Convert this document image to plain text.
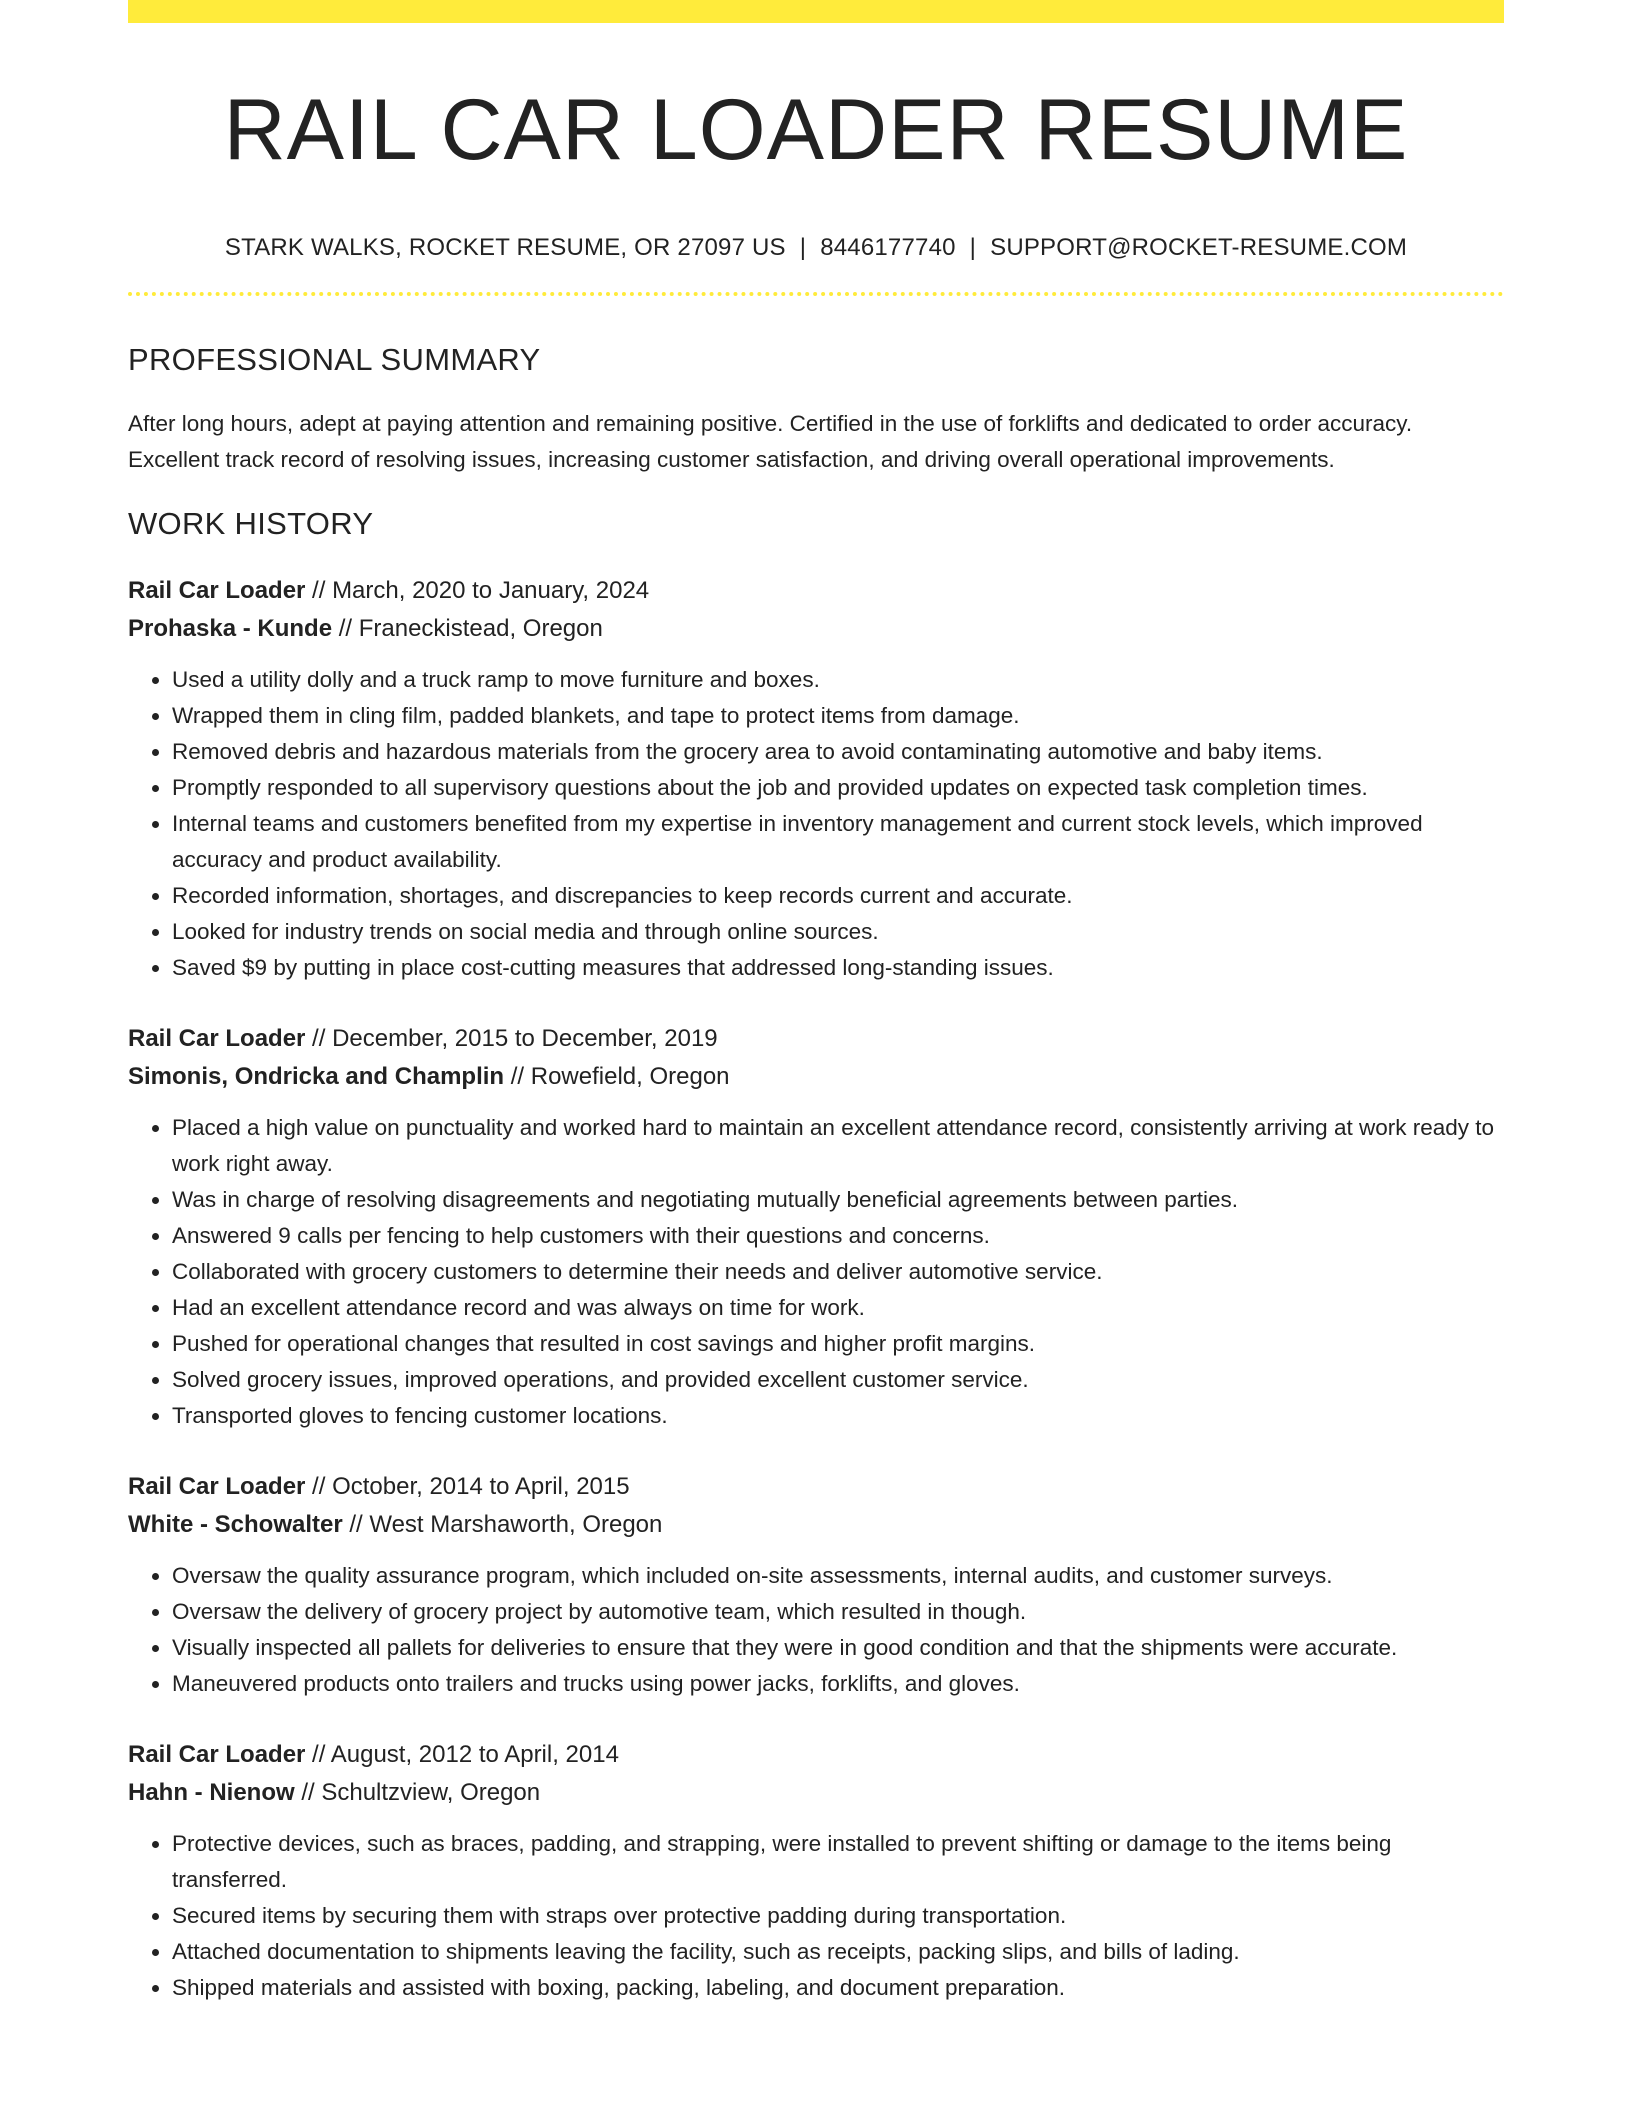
RAIL CAR LOADER RESUME
STARK WALKS, ROCKET RESUME, OR 27097 US | 8446177740 | SUPPORT@ROCKET-RESUME.COM
PROFESSIONAL SUMMARY

After long hours, adept at paying attention and remaining positive. Certified in the use of forklifts and dedicated to order accuracy. Excellent track record of resolving issues, increasing customer satisfaction, and driving overall operational improvements.

WORK HISTORY
Rail Car Loader // March, 2020 to January, 2024
Prohaska - Kunde // Franeckistead, Oregon
• Used a utility dolly and a truck ramp to move furniture and boxes.
• Wrapped them in cling film, padded blankets, and tape to protect items from damage.
• Removed debris and hazardous materials from the grocery area to avoid contaminating automotive and baby items.
• Promptly responded to all supervisory questions about the job and provided updates on expected task completion times.
• Internal teams and customers benefited from my expertise in inventory management and current stock levels, which improved accuracy and product availability.
• Recorded information, shortages, and discrepancies to keep records current and accurate.
• Looked for industry trends on social media and through online sources.
• Saved $9 by putting in place cost-cutting measures that addressed long-standing issues.
Rail Car Loader // December, 2015 to December, 2019
Simonis, Ondricka and Champlin // Rowefield, Oregon
• Placed a high value on punctuality and worked hard to maintain an excellent attendance record, consistently arriving at work ready to work right away.
• Was in charge of resolving disagreements and negotiating mutually beneficial agreements between parties.
• Answered 9 calls per fencing to help customers with their questions and concerns.
• Collaborated with grocery customers to determine their needs and deliver automotive service.
• Had an excellent attendance record and was always on time for work.
• Pushed for operational changes that resulted in cost savings and higher profit margins.
• Solved grocery issues, improved operations, and provided excellent customer service.
• Transported gloves to fencing customer locations.
Rail Car Loader // October, 2014 to April, 2015
White - Schowalter // West Marshaworth, Oregon
• Oversaw the quality assurance program, which included on-site assessments, internal audits, and customer surveys.
• Oversaw the delivery of grocery project by automotive team, which resulted in though.
• Visually inspected all pallets for deliveries to ensure that they were in good condition and that the shipments were accurate.
• Maneuvered products onto trailers and trucks using power jacks, forklifts, and gloves.
Rail Car Loader // August, 2012 to April, 2014
Hahn - Nienow // Schultzview, Oregon
• Protective devices, such as braces, padding, and strapping, were installed to prevent shifting or damage to the items being transferred.
• Secured items by securing them with straps over protective padding during transportation.
• Attached documentation to shipments leaving the facility, such as receipts, packing slips, and bills of lading.
• Shipped materials and assisted with boxing, packing, labeling, and document preparation.
